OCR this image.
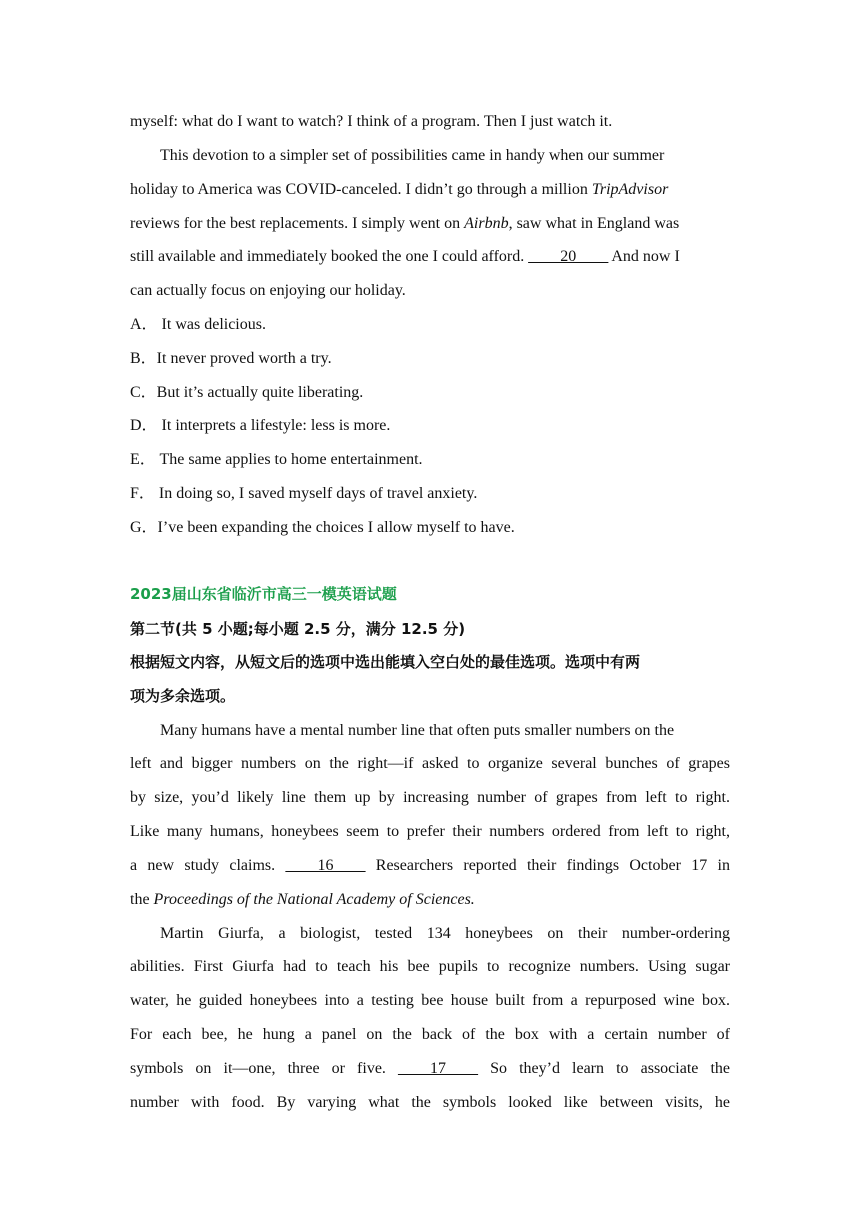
myself: what do I want to watch? I think of a program. Then I just watch it.
This devotion to a simpler set of possibilities came in handy when our summer
holiday to America was COVID-canceled. I didn’t go through a million TripAdvisor
reviews for the best replacements. I simply went on Airbnb, saw what in England was
still available and immediately booked the one I could afford. ____20____ And now I
can actually focus on enjoying our holiday.
A． It was delicious.
B．It never proved worth a try.
C．But it’s actually quite liberating.
D． It interprets a lifestyle: less is more.
E． The same applies to home entertainment.
F． In doing so, I saved myself days of travel anxiety.
G．I’ve been expanding the choices I allow myself to have.
2023届山东省临沂市高三一模英语试题
第二节(共 5 小题;每小题 2.5 分，满分 12.5 分)
根据短文内容，从短文后的选项中选出能填入空白处的最佳选项。选项中有两
项为多余选项。
Many humans have a mental number line that often puts smaller numbers on the
left and bigger numbers on the right—if asked to organize several bunches of grapes
by size, you’d likely line them up by increasing number of grapes from left to right.
Like many humans, honeybees seem to prefer their numbers ordered from left to right,
a new study claims. ____16____ Researchers reported their findings October 17 in
the Proceedings of the National Academy of Sciences.
Martin Giurfa, a biologist, tested 134 honeybees on their number-ordering
abilities. First Giurfa had to teach his bee pupils to recognize numbers. Using sugar
water, he guided honeybees into a testing bee house built from a repurposed wine box.
For each bee, he hung a panel on the back of the box with a certain number of
symbols on it—one, three or five. ____17____ So they’d learn to associate the
number with food. By varying what the symbols looked like between visits, he
